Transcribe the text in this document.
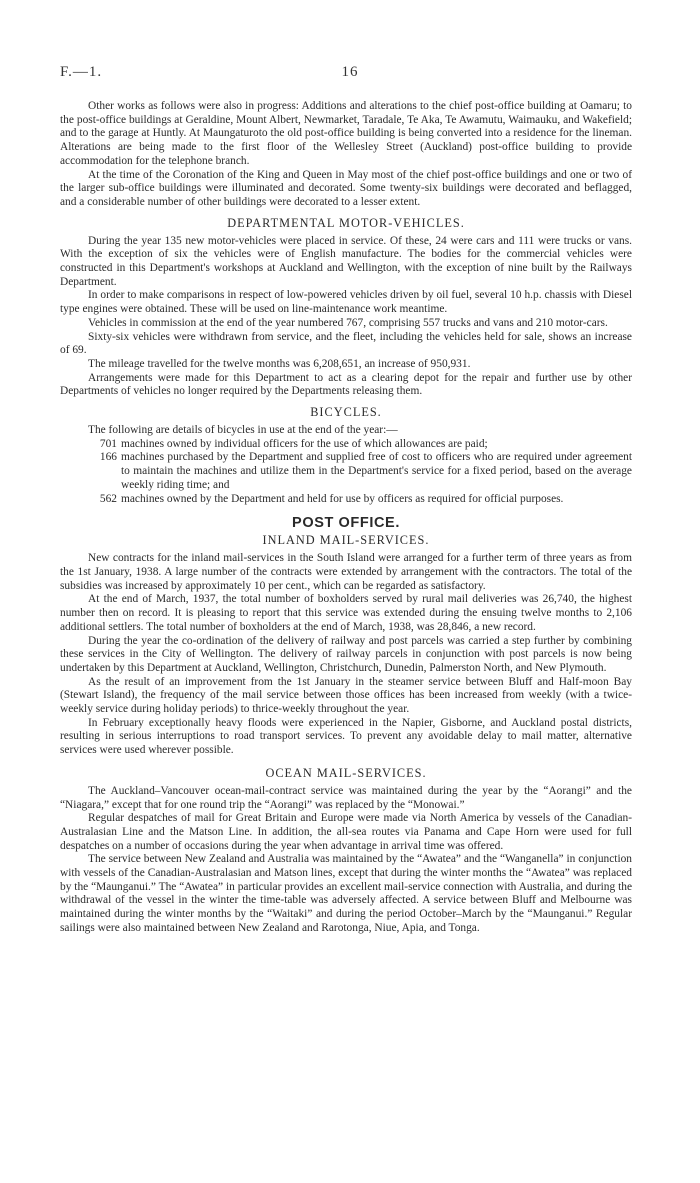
F.—1.	16

Other works as follows were also in progress: Additions and alterations to the chief post-office building at Oamaru; to the post-office buildings at Geraldine, Mount Albert, Newmarket, Taradale, Te Aka, Te Awamutu, Waimauku, and Wakefield; and to the garage at Huntly. At Maungaturoto the old post-office building is being converted into a residence for the lineman. Alterations are being made to the first floor of the Wellesley Street (Auckland) post-office building to provide accommodation for the telephone branch.

At the time of the Coronation of the King and Queen in May most of the chief post-office buildings and one or two of the larger sub-office buildings were illuminated and decorated. Some twenty-six buildings were decorated and beflagged, and a considerable number of other buildings were decorated to a lesser extent.

DEPARTMENTAL MOTOR-VEHICLES.

During the year 135 new motor-vehicles were placed in service. Of these, 24 were cars and 111 were trucks or vans. With the exception of six the vehicles were of English manufacture. The bodies for the commercial vehicles were constructed in this Department's workshops at Auckland and Wellington, with the exception of nine built by the Railways Department.

In order to make comparisons in respect of low-powered vehicles driven by oil fuel, several 10 h.p. chassis with Diesel type engines were obtained. These will be used on line-maintenance work meantime.

Vehicles in commission at the end of the year numbered 767, comprising 557 trucks and vans and 210 motor-cars.

Sixty-six vehicles were withdrawn from service, and the fleet, including the vehicles held for sale, shows an increase of 69.

The mileage travelled for the twelve months was 6,208,651, an increase of 950,931.

Arrangements were made for this Department to act as a clearing depot for the repair and further use by other Departments of vehicles no longer required by the Departments releasing them.

BICYCLES.

The following are details of bicycles in use at the end of the year:—

701 machines owned by individual officers for the use of which allowances are paid;
166 machines purchased by the Department and supplied free of cost to officers who are required under agreement to maintain the machines and utilize them in the Department's service for a fixed period, based on the average weekly riding time; and
562 machines owned by the Department and held for use by officers as required for official purposes.
POST OFFICE.
INLAND MAIL-SERVICES.

New contracts for the inland mail-services in the South Island were arranged for a further term of three years as from the 1st January, 1938. A large number of the contracts were extended by arrangement with the contractors. The total of the subsidies was increased by approximately 10 per cent., which can be regarded as satisfactory.

At the end of March, 1937, the total number of boxholders served by rural mail deliveries was 26,740, the highest number then on record. It is pleasing to report that this service was extended during the ensuing twelve months to 2,106 additional settlers. The total number of boxholders at the end of March, 1938, was 28,846, a new record.

During the year the co-ordination of the delivery of railway and post parcels was carried a step further by combining these services in the City of Wellington. The delivery of railway parcels in conjunction with post parcels is now being undertaken by this Department at Auckland, Wellington, Christchurch, Dunedin, Palmerston North, and New Plymouth.

As the result of an improvement from the 1st January in the steamer service between Bluff and Half-moon Bay (Stewart Island), the frequency of the mail service between those offices has been increased from weekly (with a twice-weekly service during holiday periods) to thrice-weekly throughout the year.

In February exceptionally heavy floods were experienced in the Napier, Gisborne, and Auckland postal districts, resulting in serious interruptions to road transport services. To prevent any avoidable delay to mail matter, alternative services were used wherever possible.

OCEAN MAIL-SERVICES.

The Auckland–Vancouver ocean-mail-contract service was maintained during the year by the “Aorangi” and the “Niagara,” except that for one round trip the “Aorangi” was replaced by the “Monowai.”

Regular despatches of mail for Great Britain and Europe were made via North America by vessels of the Canadian-Australasian Line and the Matson Line. In addition, the all-sea routes via Panama and Cape Horn were used for full despatches on a number of occasions during the year when advantage in arrival time was offered.

The service between New Zealand and Australia was maintained by the “Awatea” and the “Wanganella” in conjunction with vessels of the Canadian-Australasian and Matson lines, except that during the winter months the “Awatea” was replaced by the “Maunganui.” The “Awatea” in particular provides an excellent mail-service connection with Australia, and during the withdrawal of the vessel in the winter the time-table was adversely affected. A service between Bluff and Melbourne was maintained during the winter months by the “Waitaki” and during the period October–March by the “Maunganui.” Regular sailings were also maintained between New Zealand and Rarotonga, Niue, Apia, and Tonga.
